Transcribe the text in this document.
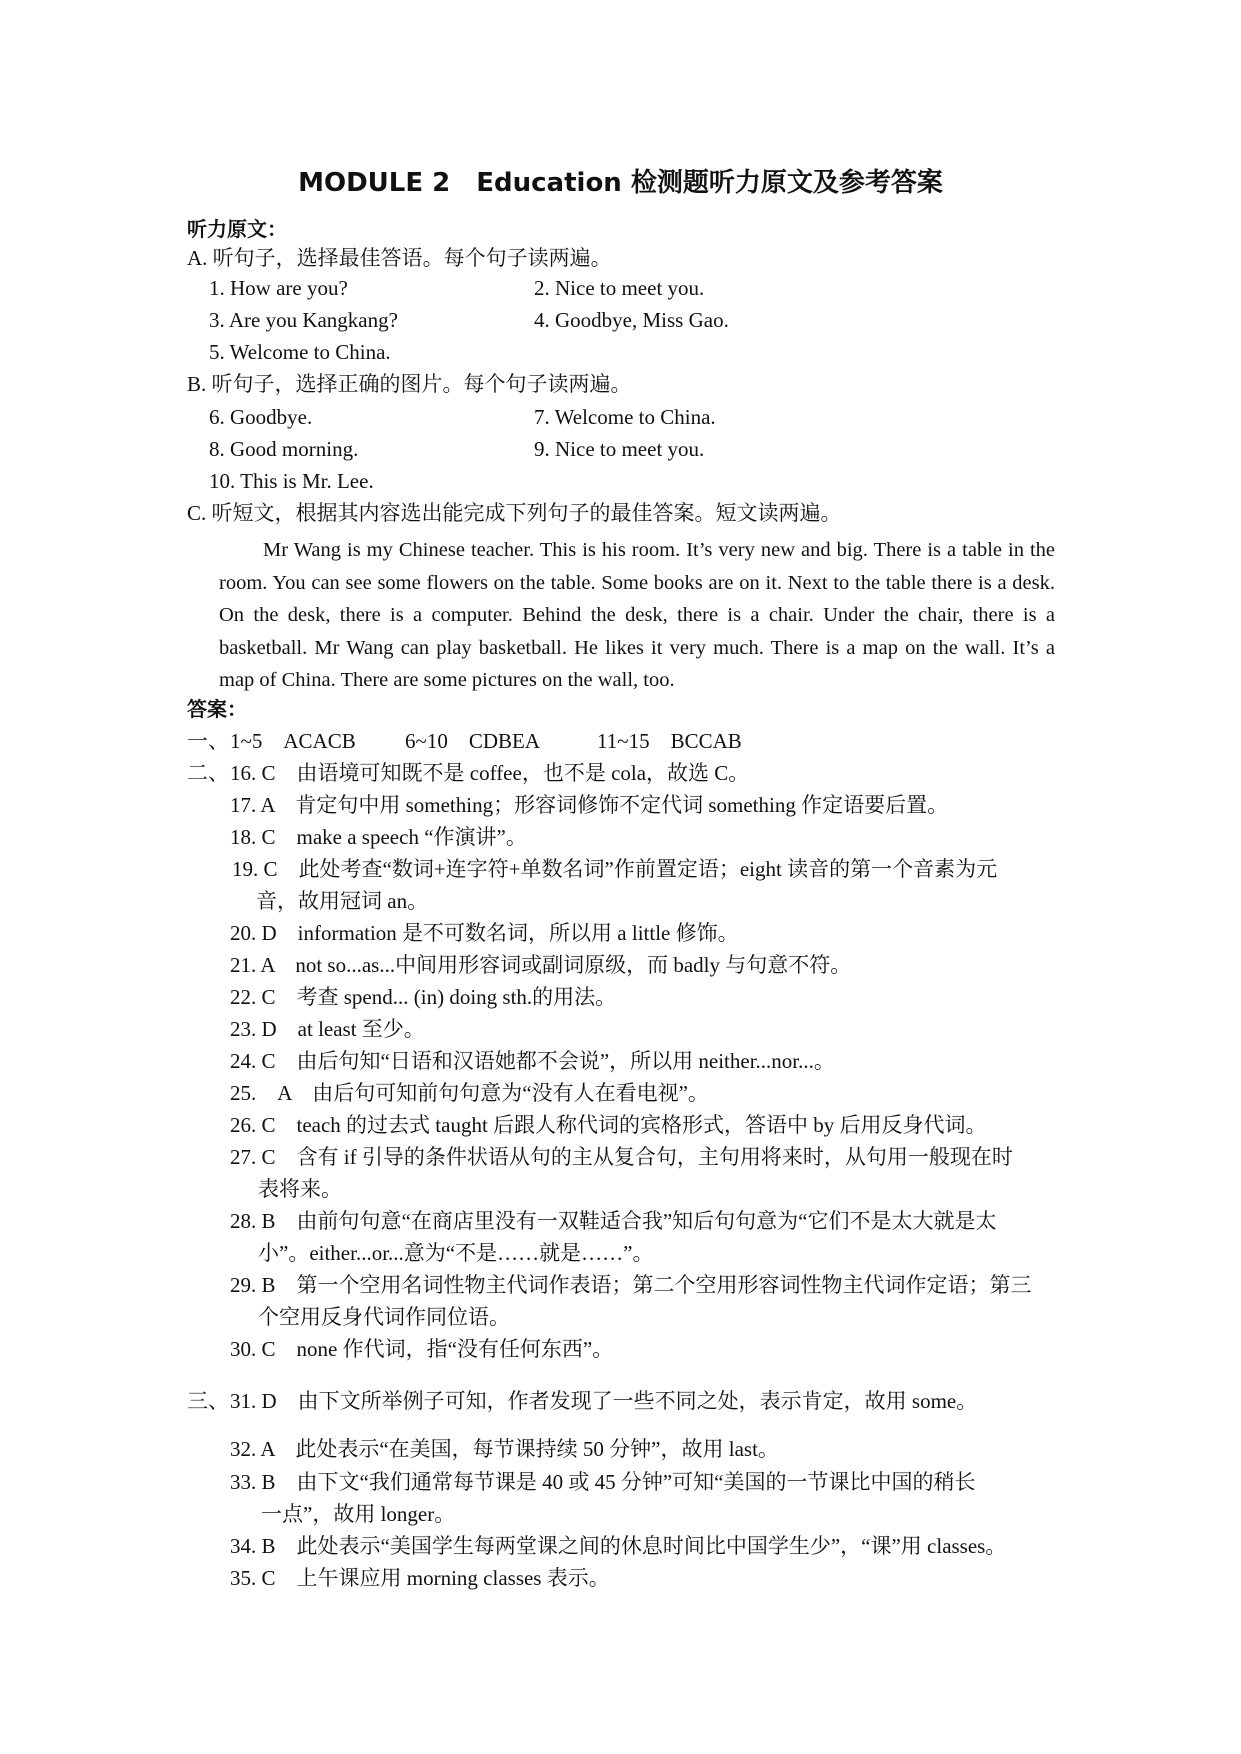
MODULE 2　Education 检测题听力原文及参考答案
听力原文：
A. 听句子，选择最佳答语。每个句子读两遍。
1. How are you?	2. Nice to meet you.
3. Are you Kangkang?	4. Goodbye, Miss Gao.
5. Welcome to China.
B. 听句子，选择正确的图片。每个句子读两遍。
6. Goodbye.	7. Welcome to China.
8. Good morning.	9. Nice to meet you.
10. This is Mr. Lee.
C. 听短文，根据其内容选出能完成下列句子的最佳答案。短文读两遍。
Mr Wang is my Chinese teacher. This is his room. It’s very new and big. There is a table in the room. You can see some flowers on the table. Some books are on it. Next to the table there is a desk. On the desk, there is a computer. Behind the desk, there is a chair. Under the chair, there is a basketball. Mr Wang can play basketball. He likes it very much. There is a map on the wall. It’s a map of China. There are some pictures on the wall, too.
答案：
一、 1~5　ACACB 6~10　CDBEA	11~15　BCCAB
二、 16. C　由语境可知既不是 coffee，也不是 cola，故选 C。
17. A　肯定句中用 something；形容词修饰不定代词 something 作定语要后置。
18. C　make a speech “作演讲”。
19. C　此处考查“数词+连字符+单数名词”作前置定语；eight 读音的第一个音素为元
音，故用冠词 an。
20. D　information 是不可数名词，所以用 a little 修饰。
21. A　not so...as...中间用形容词或副词原级，而 badly 与句意不符。
22. C　考查 spend... (in) doing sth.的用法。
23. D　at least 至少。
24. C　由后句知“日语和汉语她都不会说”，所以用 neither...nor...。
25.　A　由后句可知前句句意为“没有人在看电视”。
26. C　teach 的过去式 taught 后跟人称代词的宾格形式，答语中 by 后用反身代词。
27. C　含有 if 引导的条件状语从句的主从复合句，主句用将来时，从句用一般现在时
表将来。
28. B　由前句句意“在商店里没有一双鞋适合我”知后句句意为“它们不是太大就是太
小”。either...or...意为“不是……就是……”。
29. B　第一个空用名词性物主代词作表语；第二个空用形容词性物主代词作定语；第三
个空用反身代词作同位语。
30. C　none 作代词，指“没有任何东西”。
三、 31. D　由下文所举例子可知，作者发现了一些不同之处，表示肯定，故用 some。
32. A　此处表示“在美国，每节课持续 50 分钟”，故用 last。
33. B　由下文“我们通常每节课是 40 或 45 分钟”可知“美国的一节课比中国的稍长
一点”，故用 longer。
34. B　此处表示“美国学生每两堂课之间的休息时间比中国学生少”，“课”用 classes。
35. C　上午课应用 morning classes 表示。
